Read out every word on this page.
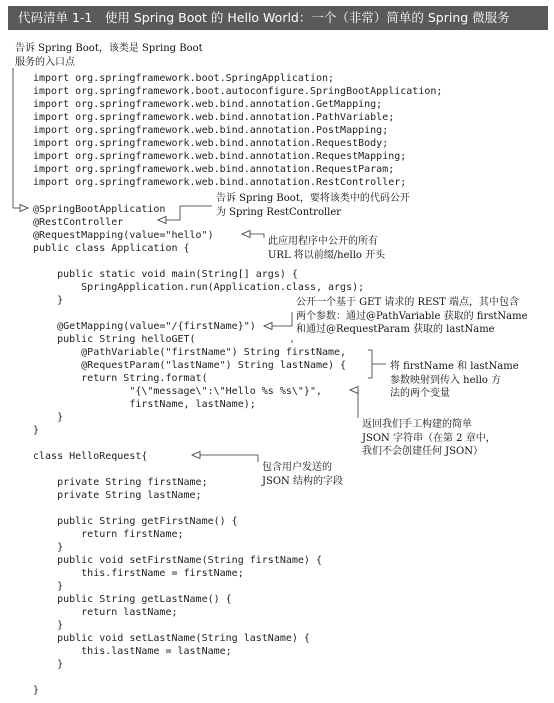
代码清单 1-1　使用 Spring Boot 的 Hello World：一个（非常）简单的 Spring 微服务
import org.springframework.boot.SpringApplication;
import org.springframework.boot.autoconfigure.SpringBootApplication;
import org.springframework.web.bind.annotation.GetMapping;
import org.springframework.web.bind.annotation.PathVariable;
import org.springframework.web.bind.annotation.PostMapping;
import org.springframework.web.bind.annotation.RequestBody;
import org.springframework.web.bind.annotation.RequestMapping;
import org.springframework.web.bind.annotation.RequestParam;
import org.springframework.web.bind.annotation.RestController;
@SpringBootApplication
@RestController
@RequestMapping(value="hello")
public class Application {
public static void main(String[] args) {
SpringApplication.run(Application.class, args);
}
@GetMapping(value="/{firstName}")
public String helloGET(
@PathVariable("firstName") String firstName,
@RequestParam("lastName") String lastName) {
return String.format(
"{\"message\":\"Hello %s %s\"}",
firstName, lastName);
}
}
class HelloRequest{
private String firstName;
private String lastName;
public String getFirstName() {
return firstName;
}
public void setFirstName(String firstName) {
this.firstName = firstName;
}
public String getLastName() {
return lastName;
}
public void setLastName(String lastName) {
this.lastName = lastName;
}
}
告诉 Spring Boot，该类是 Spring Boot
服务的入口点
告诉 Spring Boot，要将该类中的代码公开
为 Spring RestController
此应用程序中公开的所有
URL 将以前缀/hello 开头
公开一个基于 GET 请求的 REST 端点，其中包含
两个参数：通过@PathVariable 获取的 firstName
和通过@RequestParam 获取的 lastName
将 firstName 和 lastName
参数映射到传入 hello 方
法的两个变量
返回我们手工构建的简单
JSON 字符串（在第 2 章中，
我们不会创建任何 JSON）
包含用户发送的
JSON 结构的字段
